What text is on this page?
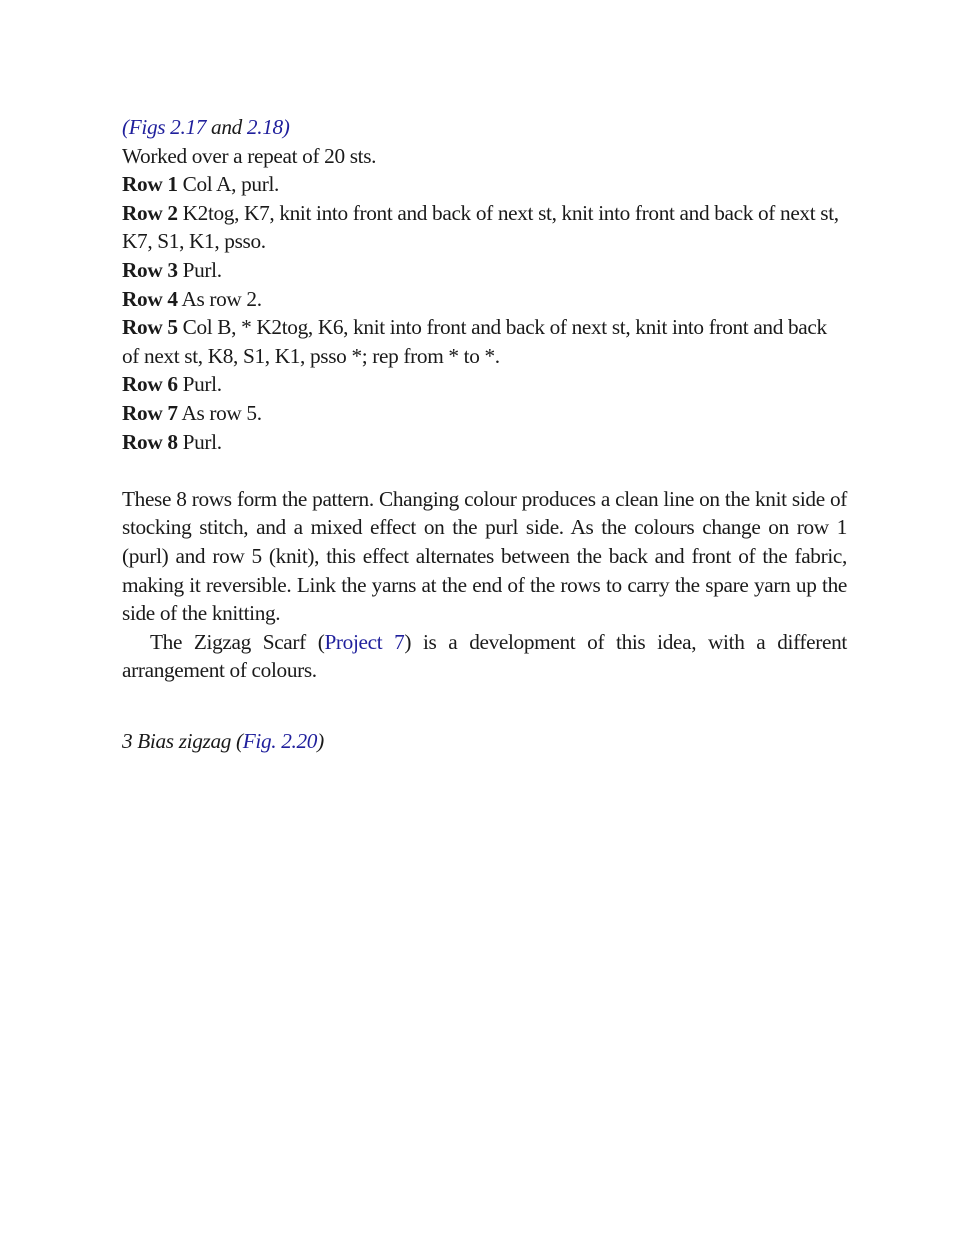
(Figs 2.17 and 2.18)

Worked over a repeat of 20 sts.

Row 1 Col A, purl.

Row 2 K2tog, K7, knit into front and back of next st, knit into front and back of next st, K7, S1, K1, psso.

Row 3 Purl.

Row 4 As row 2.

Row 5 Col B, * K2tog, K6, knit into front and back of next st, knit into front and back of next st, K8, S1, K1, psso *; rep from * to *.

Row 6 Purl.

Row 7 As row 5.

Row 8 Purl.

These 8 rows form the pattern. Changing colour produces a clean line on the knit side of stocking stitch, and a mixed effect on the purl side. As the colours change on row 1 (purl) and row 5 (knit), this effect alternates between the back and front of the fabric, making it reversible. Link the yarns at the end of the rows to carry the spare yarn up the side of the knitting.

The Zigzag Scarf (Project 7) is a development of this idea, with a different arrangement of colours.

3 Bias zigzag (Fig. 2.20)
